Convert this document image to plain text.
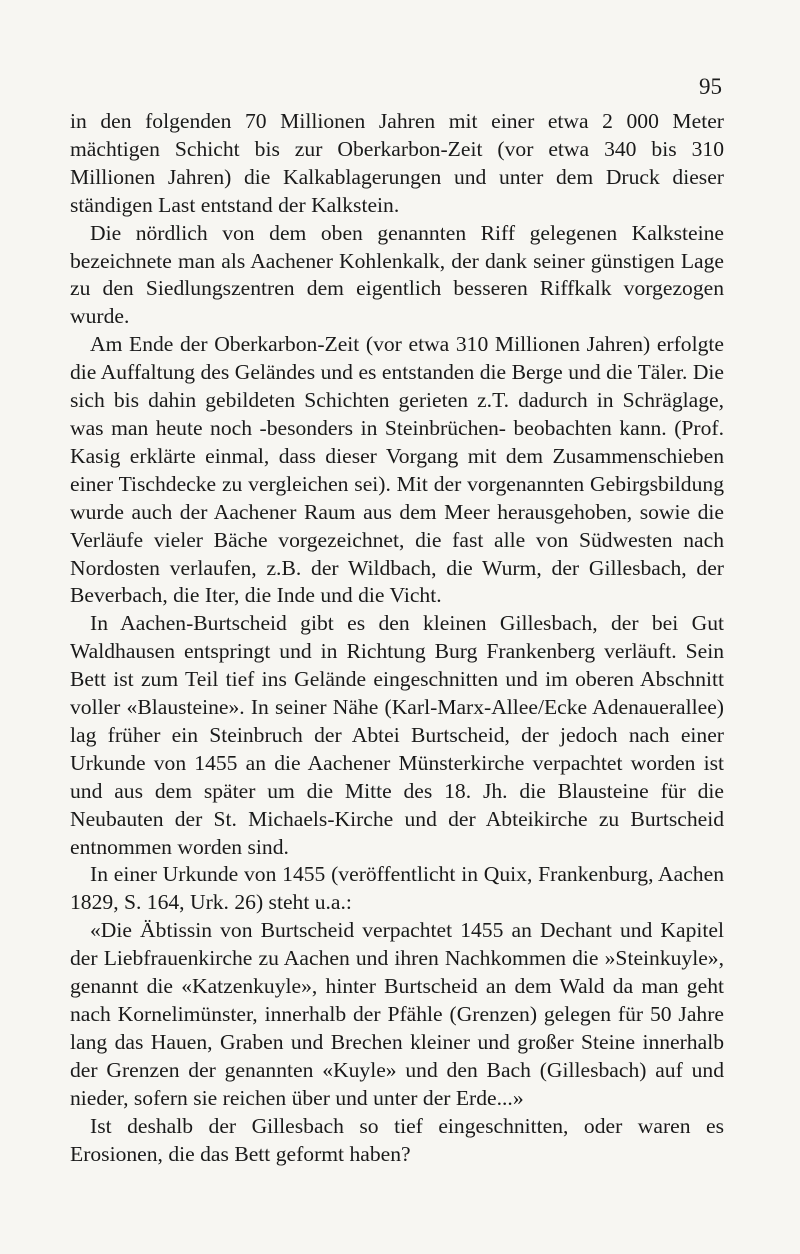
95

in den folgenden 70 Millionen Jahren mit einer etwa 2 000 Meter mächtigen Schicht bis zur Oberkarbon-Zeit (vor etwa 340 bis 310 Millionen Jahren) die Kalkablagerungen und unter dem Druck dieser ständigen Last entstand der Kalkstein.

Die nördlich von dem oben genannten Riff gelegenen Kalksteine bezeichnete man als Aachener Kohlenkalk, der dank seiner günstigen Lage zu den Siedlungszentren dem eigentlich besseren Riffkalk vorgezogen wurde.

Am Ende der Oberkarbon-Zeit (vor etwa 310 Millionen Jahren) erfolgte die Auffaltung des Geländes und es entstanden die Berge und die Täler. Die sich bis dahin gebildeten Schichten gerieten z.T. dadurch in Schräglage, was man heute noch -besonders in Steinbrüchen- beobachten kann. (Prof. Kasig erklärte einmal, dass dieser Vorgang mit dem Zusammenschieben einer Tischdecke zu vergleichen sei). Mit der vorgenannten Gebirgsbildung wurde auch der Aachener Raum aus dem Meer herausgehoben, sowie die Verläufe vieler Bäche vorgezeichnet, die fast alle von Südwesten nach Nordosten verlaufen, z.B. der Wildbach, die Wurm, der Gillesbach, der Beverbach, die Iter, die Inde und die Vicht.

In Aachen-Burtscheid gibt es den kleinen Gillesbach, der bei Gut Waldhausen entspringt und in Richtung Burg Frankenberg verläuft. Sein Bett ist zum Teil tief ins Gelände eingeschnitten und im oberen Abschnitt voller «Blausteine». In seiner Nähe (Karl-Marx-Allee/Ecke Adenauerallee) lag früher ein Steinbruch der Abtei Burtscheid, der jedoch nach einer Urkunde von 1455 an die Aachener Münsterkirche verpachtet worden ist und aus dem später um die Mitte des 18. Jh. die Blausteine für die Neubauten der St. Michaels-Kirche und der Abteikirche zu Burtscheid entnommen worden sind.

In einer Urkunde von 1455 (veröffentlicht in Quix, Frankenburg, Aachen 1829, S. 164, Urk. 26) steht u.a.:

«Die Äbtissin von Burtscheid verpachtet 1455 an Dechant und Kapitel der Liebfrauenkirche zu Aachen und ihren Nachkommen die »Steinkuyle», genannt die «Katzenkuyle», hinter Burtscheid an dem Wald da man geht nach Kornelimünster, innerhalb der Pfähle (Grenzen) gelegen für 50 Jahre lang das Hauen, Graben und Brechen kleiner und großer Steine innerhalb der Grenzen der genannten «Kuyle» und den Bach (Gillesbach) auf und nieder, sofern sie reichen über und unter der Erde...»

Ist deshalb der Gillesbach so tief eingeschnitten, oder waren es Erosionen, die das Bett geformt haben?
